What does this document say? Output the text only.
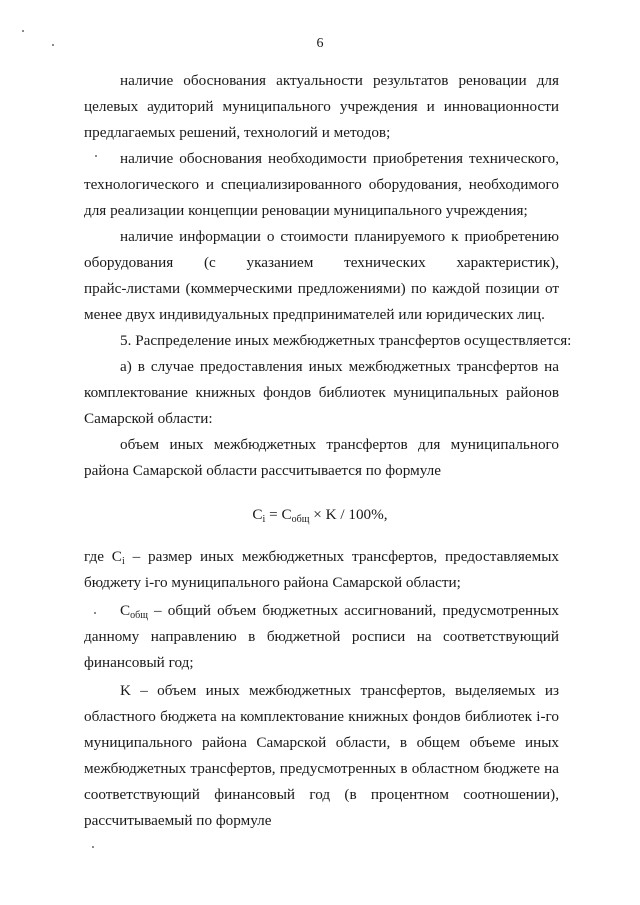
6
наличие обоснования актуальности результатов реновации для
целевых аудиторий муниципального учреждения и инновационности
предлагаемых решений, технологий и методов;
наличие обоснования необходимости приобретения технического,
технологического и специализированного оборудования, необходимого
для реализации концепции реновации муниципального учреждения;
наличие информации о стоимости планируемого к приобретению
оборудования (с указанием технических характеристик),
прайс-листами (коммерческими предложениями) по каждой позиции от
менее двух индивидуальных предпринимателей или юридических лиц.
5. Распределение иных межбюджетных трансфертов осуществляется:
а) в случае предоставления иных межбюджетных трансфертов на
комплектование книжных фондов библиотек муниципальных районов
Самарской области:
объем иных межбюджетных трансфертов для муниципального
района Самарской области рассчитывается по формуле
$C_i = C_{общ} \times K / 100\%$,
где $C_i$ – размер иных межбюджетных трансфертов, предоставляемых
бюджету i-го муниципального района Самарской области;
$C_{общ}$ – общий объем бюджетных ассигнований, предусмотренных
данному направлению в бюджетной росписи на соответствующий
финансовый год;
K – объем иных межбюджетных трансфертов, выделяемых из
областного бюджета на комплектование книжных фондов библиотек i-го
муниципального района Самарской области, в общем объеме иных
межбюджетных трансфертов, предусмотренных в областном бюджете на
соответствующий финансовый год (в процентном соотношении),
рассчитываемый по формуле
